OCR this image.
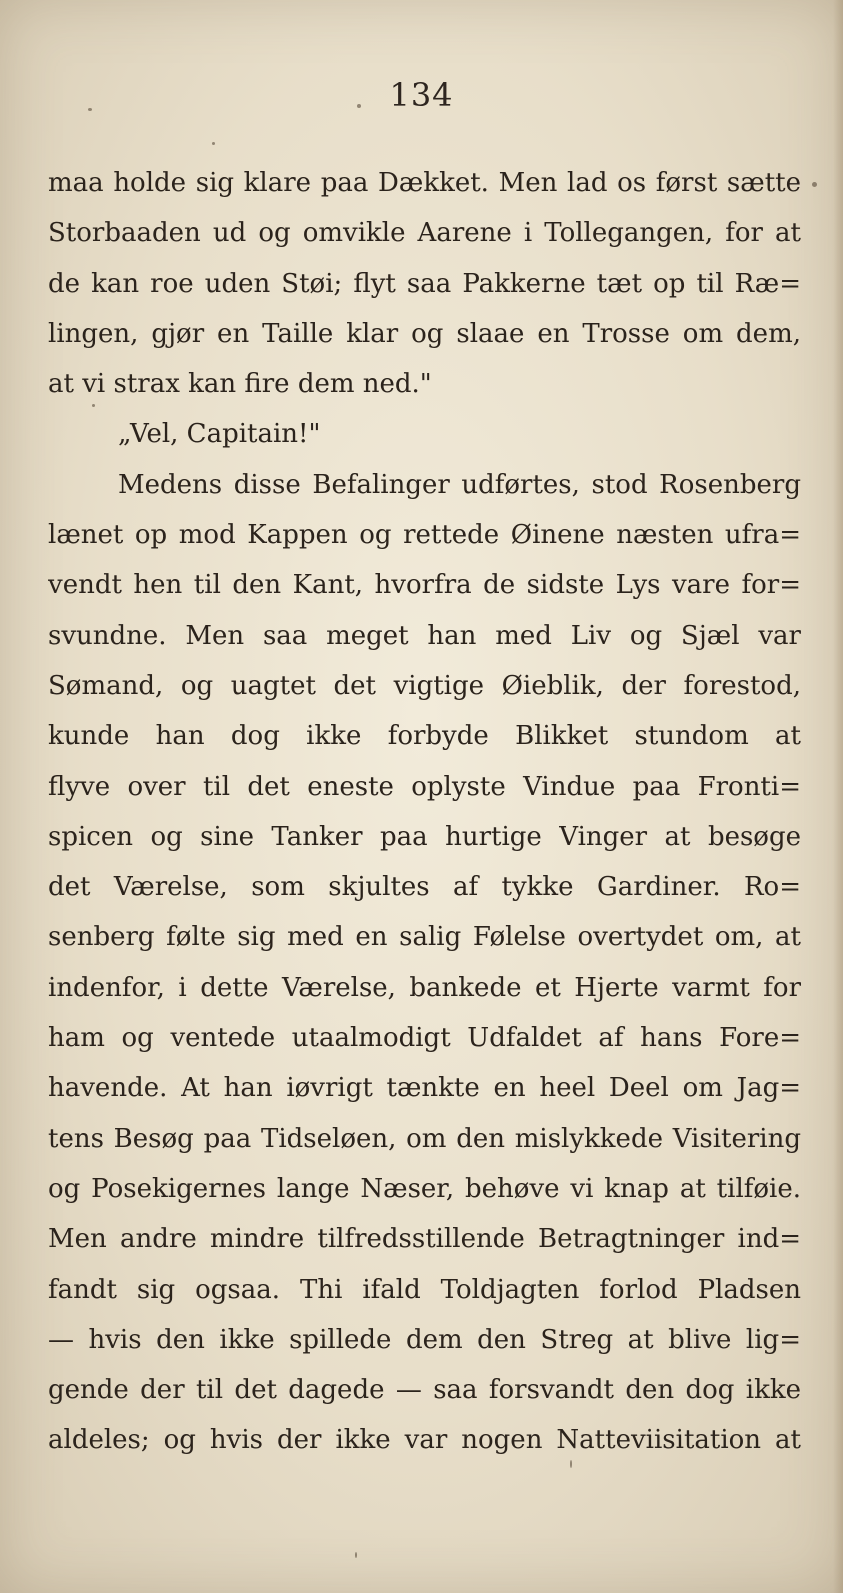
134
maa holde sig klare paa Dækket. Men lad os først sætte
Storbaaden ud og omvikle Aarene i Tollegangen, for at
de kan roe uden Støi; flyt saa Pakkerne tæt op til Ræ=
lingen, gjør en Taille klar og slaae en Trosse om dem,
at vi strax kan fire dem ned."
„Vel, Capitain!"
Medens disse Befalinger udførtes, stod Rosenberg
lænet op mod Kappen og rettede Øinene næsten ufra=
vendt hen til den Kant, hvorfra de sidste Lys vare for=
svundne. Men saa meget han med Liv og Sjæl var
Sømand, og uagtet det vigtige Øieblik, der forestod,
kunde han dog ikke forbyde Blikket stundom at
flyve over til det eneste oplyste Vindue paa Fronti=
spicen og sine Tanker paa hurtige Vinger at besøge
det Værelse, som skjultes af tykke Gardiner. Ro=
senberg følte sig med en salig Følelse overtydet om, at
indenfor, i dette Værelse, bankede et Hjerte varmt for
ham og ventede utaalmodigt Udfaldet af hans Fore=
havende. At han iøvrigt tænkte en heel Deel om Jag=
tens Besøg paa Tidseløen, om den mislykkede Visitering
og Posekigernes lange Næser, behøve vi knap at tilføie.
Men andre mindre tilfredsstillende Betragtninger ind=
fandt sig ogsaa. Thi ifald Toldjagten forlod Pladsen
— hvis den ikke spillede dem den Streg at blive lig=
gende der til det dagede — saa forsvandt den dog ikke
aldeles; og hvis der ikke var nogen Natteviisitation at
